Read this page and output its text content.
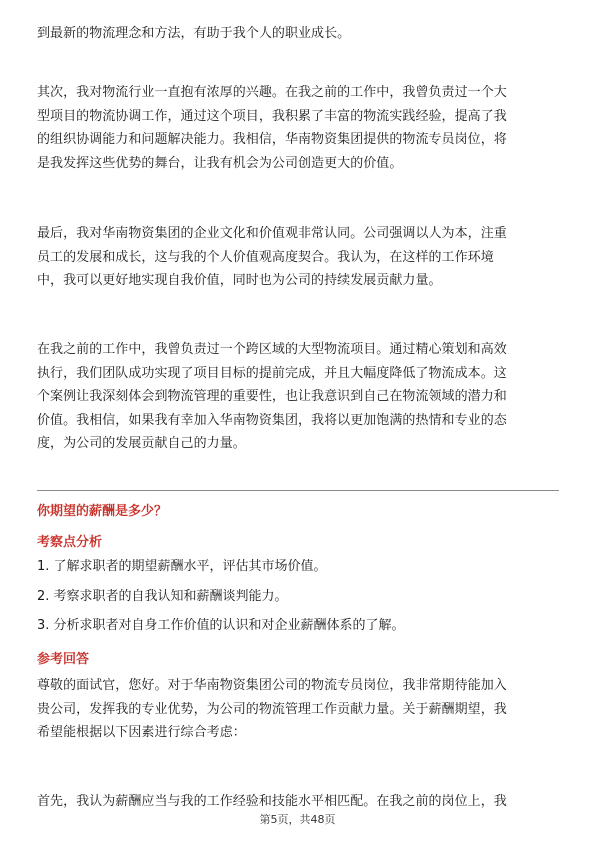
到最新的物流理念和方法，有助于我个人的职业成长。

其次，我对物流行业一直抱有浓厚的兴趣。在我之前的工作中，我曾负责过一个大
型项目的物流协调工作，通过这个项目，我积累了丰富的物流实践经验，提高了我
的组织协调能力和问题解决能力。我相信，华南物资集团提供的物流专员岗位，将
是我发挥这些优势的舞台，让我有机会为公司创造更大的价值。

最后，我对华南物资集团的企业文化和价值观非常认同。公司强调以人为本，注重
员工的发展和成长，这与我的个人价值观高度契合。我认为，在这样的工作环境
中，我可以更好地实现自我价值，同时也为公司的持续发展贡献力量。

在我之前的工作中，我曾负责过一个跨区域的大型物流项目。通过精心策划和高效
执行，我们团队成功实现了项目目标的提前完成，并且大幅度降低了物流成本。这
个案例让我深刻体会到物流管理的重要性，也让我意识到自己在物流领域的潜力和
价值。我相信，如果我有幸加入华南物资集团，我将以更加饱满的热情和专业的态
度，为公司的发展贡献自己的力量。

你期望的薪酬是多少？
考察点分析

1. 了解求职者的期望薪酬水平，评估其市场价值。

2. 考察求职者的自我认知和薪酬谈判能力。

3. 分析求职者对自身工作价值的认识和对企业薪酬体系的了解。

参考回答

尊敬的面试官，您好。对于华南物资集团公司的物流专员岗位，我非常期待能加入
贵公司，发挥我的专业优势，为公司的物流管理工作贡献力量。关于薪酬期望，我
希望能根据以下因素进行综合考虑：

首先，我认为薪酬应当与我的工作经验和技能水平相匹配。在我之前的岗位上，我

第5页，共48页
